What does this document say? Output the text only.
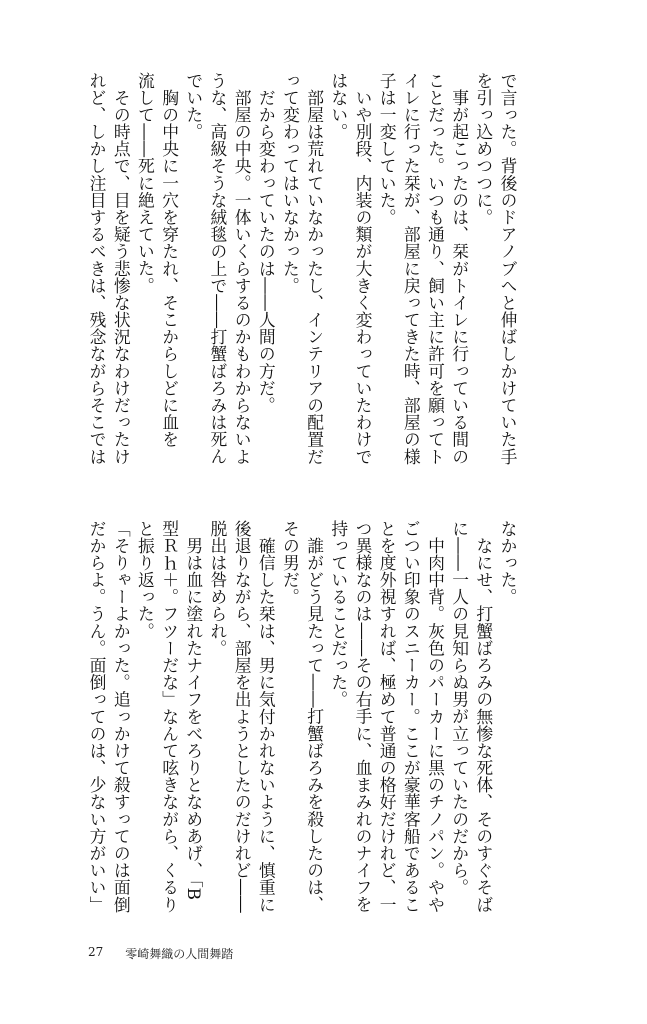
で言った。背後のドアノブへと伸ばしかけていた手
を引っ込めつつに。
　事が起こったのは、栞がトイレに行っている間の
ことだった。いつも通り、飼い主に許可を願ってト
イレに行った栞が、部屋に戻ってきた時、部屋の様
子は一変していた。
　いや別段、内装の類が大きく変わっていたわけで
はない。
　部屋は荒れていなかったし、インテリアの配置だ
って変わってはいなかった。
　だから変わっていたのは――人間の方だ。
　部屋の中央。一体いくらするのかもわからないよ
うな、高級そうな絨毯の上で――打蟹ばろみは死ん
でいた。
　胸の中央に一穴を穿たれ、そこからしどに血を
流して――死に絶えていた。
　その時点で、目を疑う悲惨な状況なわけだったけ
れど、しかし注目するべきは、残念ながらそこでは
なかった。
　なにせ、打蟹ばろみの無惨な死体、そのすぐそば
に――一人の見知らぬ男が立っていたのだから。
　中肉中背。灰色のパーカーに黒のチノパン。やや
ごつい印象のスニーカー。ここが豪華客船であるこ
とを度外視すれば、極めて普通の格好だけれど、一
つ異様なのは――その右手に、血まみれのナイフを
持っていることだった。
　誰がどう見たって――打蟹ばろみを殺したのは、
その男だ。
　確信した栞は、男に気付かれないように、慎重に
後退りながら、部屋を出ようとしたのだけれど――
脱出は咎められ。
　男は血に塗れたナイフをべろりとなめあげ、「B
型Ｒｈ＋。フツーだな」なんて呟きながら、くるり
と振り返った。
「そりゃーよかった。追っかけて殺すってのは面倒
だからよ。うん。面倒ってのは、少ない方がいい」
27 零崎舞織の人間舞踏
